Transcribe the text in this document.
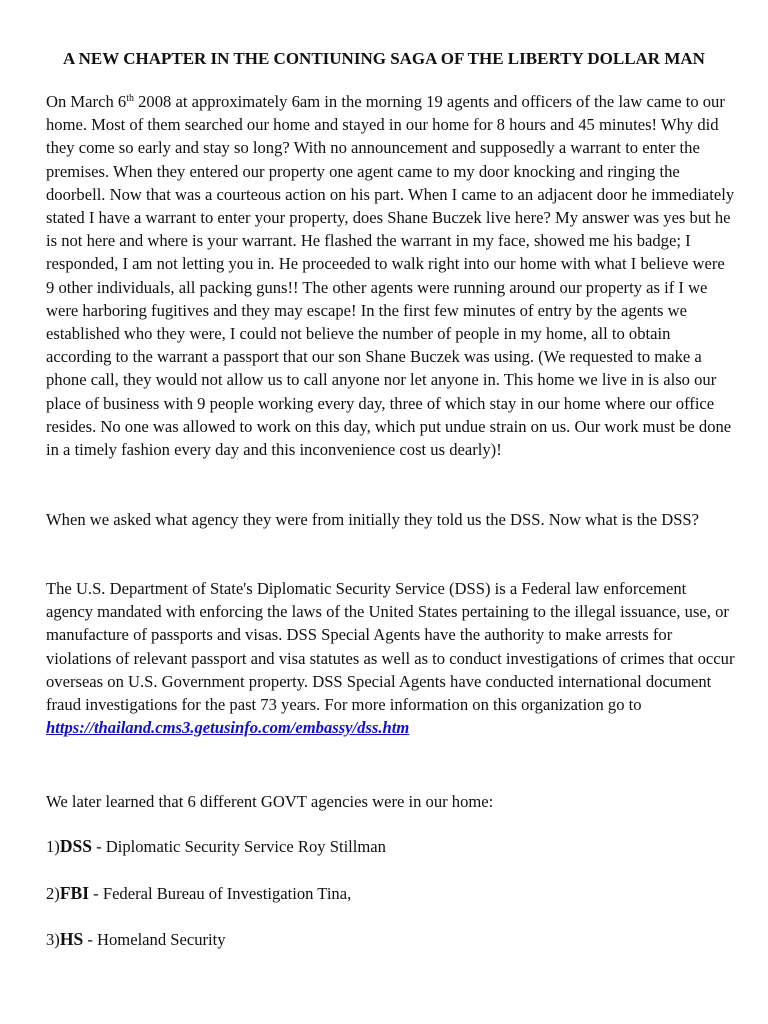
A NEW CHAPTER IN THE CONTIUNING SAGA OF THE LIBERTY DOLLAR MAN

On March 6th 2008 at approximately 6am in the morning 19 agents and officers of the law came to our home. Most of them searched our home and stayed in our home for 8 hours and 45 minutes! Why did they come so early and stay so long? With no announcement and supposedly a warrant to enter the premises. When they entered our property one agent came to my door knocking and ringing the doorbell. Now that was a courteous action on his part. When I came to an adjacent door he immediately stated I have a warrant to enter your property, does Shane Buczek live here? My answer was yes but he is not here and where is your warrant. He flashed the warrant in my face, showed me his badge; I responded, I am not letting you in. He proceeded to walk right into our home with what I believe were 9 other individuals, all packing guns!! The other agents were running around our property as if I we were harboring fugitives and they may escape! In the first few minutes of entry by the agents we established who they were, I could not believe the number of people in my home, all to obtain according to the warrant a passport that our son Shane Buczek was using. (We requested to make a phone call, they would not allow us to call anyone nor let anyone in. This home we live in is also our place of business with 9 people working every day, three of which stay in our home where our office resides. No one was allowed to work on this day, which put undue strain on us. Our work must be done in a timely fashion every day and this inconvenience cost us dearly)!

When we asked what agency they were from initially they told us the DSS. Now what is the DSS?

The U.S. Department of State's Diplomatic Security Service (DSS) is a Federal law enforcement agency mandated with enforcing the laws of the United States pertaining to the illegal issuance, use, or manufacture of passports and visas. DSS Special Agents have the authority to make arrests for violations of relevant passport and visa statutes as well as to conduct investigations of crimes that occur overseas on U.S. Government property. DSS Special Agents have conducted international document fraud investigations for the past 73 years. For more information on this organization go to
https://thailand.cms3.getusinfo.com/embassy/dss.htm

We later learned that 6 different GOVT agencies were in our home:

1)DSS - Diplomatic Security Service Roy Stillman

2)FBI - Federal Bureau of Investigation Tina,

3)HS - Homeland Security
